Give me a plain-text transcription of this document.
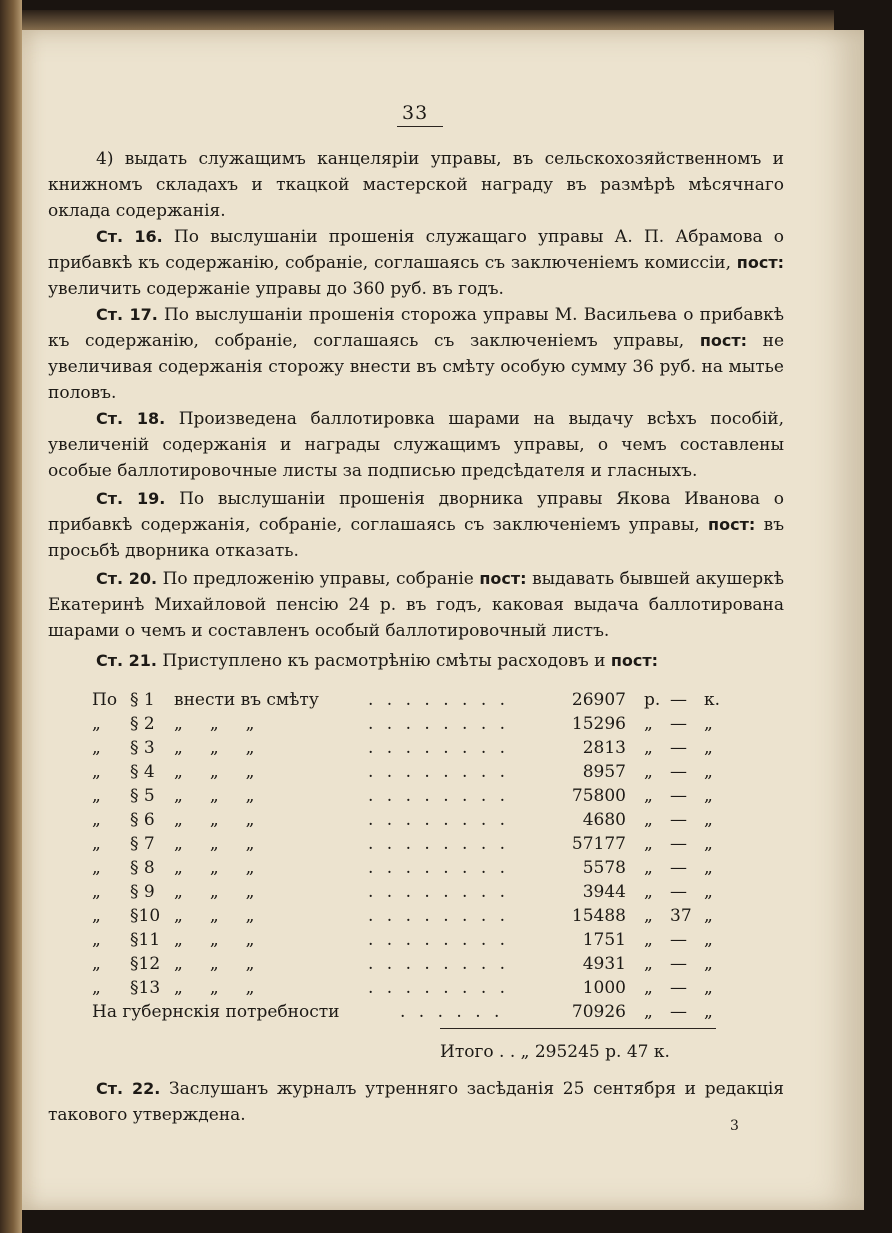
33
4) выдать служащимъ канцеляріи управы, въ сельскохозяйственномъ и книжномъ складахъ и ткацкой мастерской награду въ размѣрѣ мѣсячнаго оклада содержанія.
Ст. 16. По выслушаніи прошенія служащаго управы А. П. Абрамова о прибавкѣ къ содержанію, собраніе, соглашаясь съ заключеніемъ комиссіи, пост: увеличить содержаніе управы до 360 руб. въ годъ.
Ст. 17. По выслушаніи прошенія сторожа управы М. Васильева о прибавкѣ къ содержанію, собраніе, соглашаясь съ заключеніемъ управы, пост: не увеличивая содержанія сторожу внести въ смѣту особую сумму 36 руб. на мытье половъ.
Ст. 18. Произведена баллотировка шарами на выдачу всѣхъ пособій, увеличеній содержанія и награды служащимъ управы, о чемъ составлены особые баллотировочные листы за подписью предсѣдателя и гласныхъ.
Ст. 19. По выслушаніи прошенія дворника управы Якова Иванова о прибавкѣ содержанія, собраніе, соглашаясь съ заключеніемъ управы, пост: въ просьбѣ дворника отказать.
Ст. 20. По предложенію управы, собраніе пост: выдавать бывшей акушеркѣ Екатеринѣ Михайловой пенсію 24 р. въ годъ, каковая выдача баллотирована шарами о чемъ и составленъ особый баллотировочный листъ.
Ст. 21. Приступлено къ расмотрѣнію смѣты расходовъ и пост:
По § 1	внести въ смѣту	. . . . . . . .	26907 р. —	к.
„	§ 2	„     „     „	. . . . . . . .	15296 „	—	„
„	§ 3	„     „     „	. . . . . . . .	2813 „	—	„
„	§ 4	„     „     „	. . . . . . . .	8957 „	—	„
„	§ 5	„     „     „	. . . . . . . .	75800 „	—	„
„	§ 6	„     „     „	. . . . . . . .	4680 „	—	„
„	§ 7	„     „     „	. . . . . . . .	57177 „	—	„
„	§ 8	„     „     „	. . . . . . . .	5578 „	—	„
„	§ 9	„     „     „	. . . . . . . .	3944 „	—	„
„	§10 „     „     „	. . . . . . . .	15488 „	37 „
„	§11 „     „     „	. . . . . . . .	1751 „	—	„
„	§12 „     „     „	. . . . . . . .	4931 „	—	„
„	§13 „     „     „	. . . . . . . .	1000 „	—	„
На губернскія потребности	. . . . . .	70926 „	—	„
Итого . . „ 295245 р. 47 к.
Ст. 22. Заслушанъ журналъ утренняго засѣданія 25 сентября и редакція такового утверждена.
3
